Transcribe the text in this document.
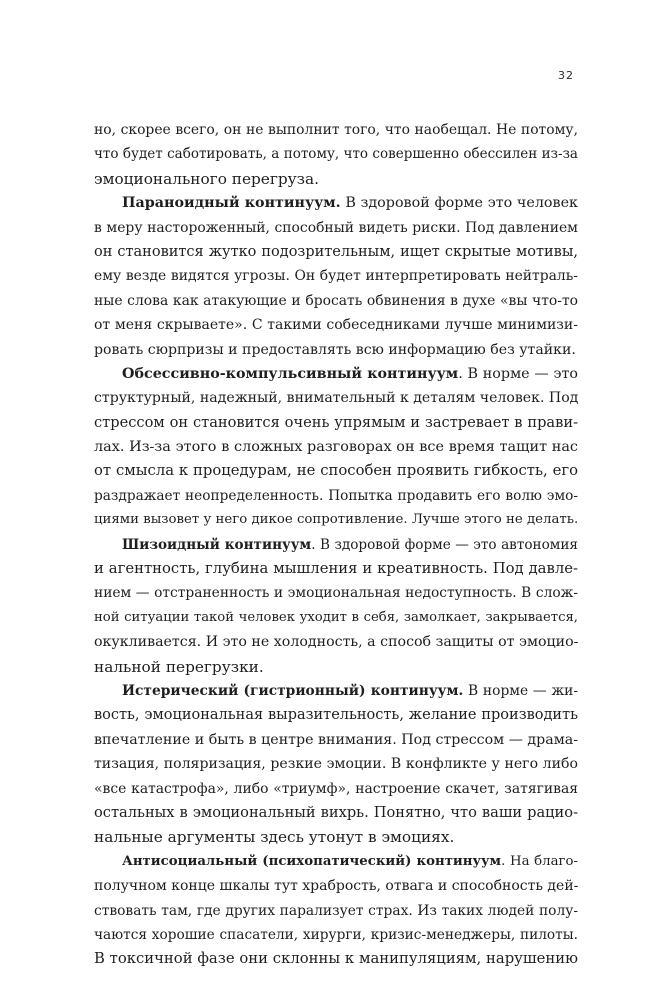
32
но, скорее всего, он не выполнит того, что наобещал. Не потому,
что будет саботировать, а потому, что совершенно обессилен из-за
эмоционального перегруза.
Параноидный континуум. В здоровой форме это человек
в меру настороженный, способный видеть риски. Под давлением
он становится жутко подозрительным, ищет скрытые мотивы,
ему везде видятся угрозы. Он будет интерпретировать нейтраль-
ные слова как атакующие и бросать обвинения в духе «вы что-то
от меня скрываете». С такими собеседниками лучше минимизи-
ровать сюрпризы и предоставлять всю информацию без утайки.
Обсессивно-компульсивный континуум. В норме — это
структурный, надежный, внимательный к деталям человек. Под
стрессом он становится очень упрямым и застревает в прави-
лах. Из-за этого в сложных разговорах он все время тащит нас
от смысла к процедурам, не способен проявить гибкость, его
раздражает неопределенность. Попытка продавить его волю эмо-
циями вызовет у него дикое сопротивление. Лучше этого не делать.
Шизоидный континуум. В здоровой форме — это автономия
и агентность, глубина мышления и креативность. Под давле-
нием — отстраненность и эмоциональная недоступность. В слож-
ной ситуации такой человек уходит в себя, замолкает, закрывается,
окукливается. И это не холодность, а способ защиты от эмоцио-
нальной перегрузки.
Истерический (гистрионный) континуум. В норме — жи-
вость, эмоциональная выразительность, желание производить
впечатление и быть в центре внимания. Под стрессом — драма-
тизация, поляризация, резкие эмоции. В конфликте у него либо
«все катастрофа», либо «триумф», настроение скачет, затягивая
остальных в эмоциональный вихрь. Понятно, что ваши рацио-
нальные аргументы здесь утонут в эмоциях.
Антисоциальный (психопатический) континуум. На благо-
получном конце шкалы тут храбрость, отвага и способность дей-
ствовать там, где других парализует страх. Из таких людей полу-
чаются хорошие спасатели, хирурги, кризис-менеджеры, пилоты.
В токсичной фазе они склонны к манипуляциям, нарушению
